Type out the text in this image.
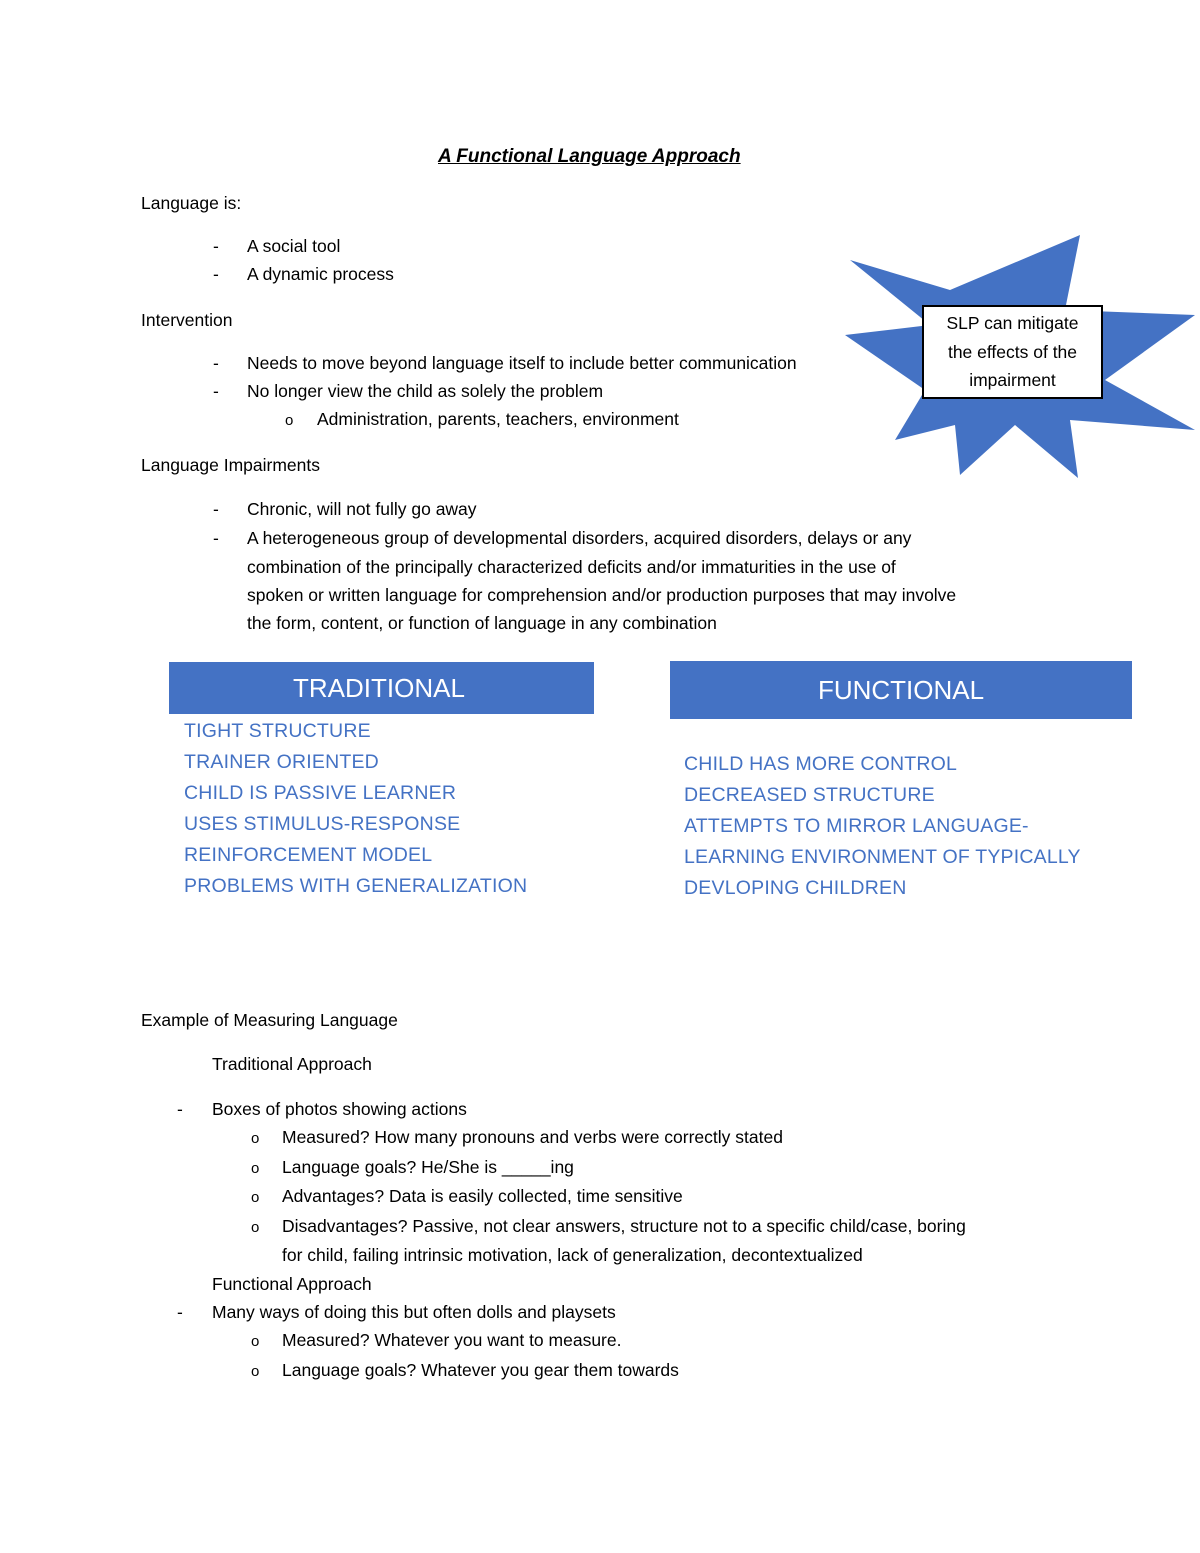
A Functional Language Approach
Language is:
- A social tool
- A dynamic process
Intervention
- Needs to move beyond language itself to include better communication
- No longer view the child as solely the problem
o Administration, parents, teachers, environment
Language Impairments
- Chronic, will not fully go away
- A heterogeneous group of developmental disorders, acquired disorders, delays or any
combination of the principally characterized deficits and/or immaturities in the use of
spoken or written language for comprehension and/or production purposes that may involve
the form, content, or function of language in any combination
SLP can mitigate
the effects of the
impairment
TRADITIONAL
TIGHT STRUCTURE
TRAINER ORIENTED
CHILD IS PASSIVE LEARNER
USES STIMULUS-RESPONSE
REINFORCEMENT MODEL
PROBLEMS WITH GENERALIZATION
FUNCTIONAL
CHILD HAS MORE CONTROL
DECREASED STRUCTURE
ATTEMPTS TO MIRROR LANGUAGE-
LEARNING ENVIRONMENT OF TYPICALLY
DEVLOPING CHILDREN
Example of Measuring Language
Traditional Approach
- Boxes of photos showing actions
o Measured? How many pronouns and verbs were correctly stated
o Language goals? He/She is _____ing
o Advantages? Data is easily collected, time sensitive
o Disadvantages? Passive, not clear answers, structure not to a specific child/case, boring
for child, failing intrinsic motivation, lack of generalization, decontextualized
Functional Approach
- Many ways of doing this but often dolls and playsets
o Measured? Whatever you want to measure.
o Language goals? Whatever you gear them towards
